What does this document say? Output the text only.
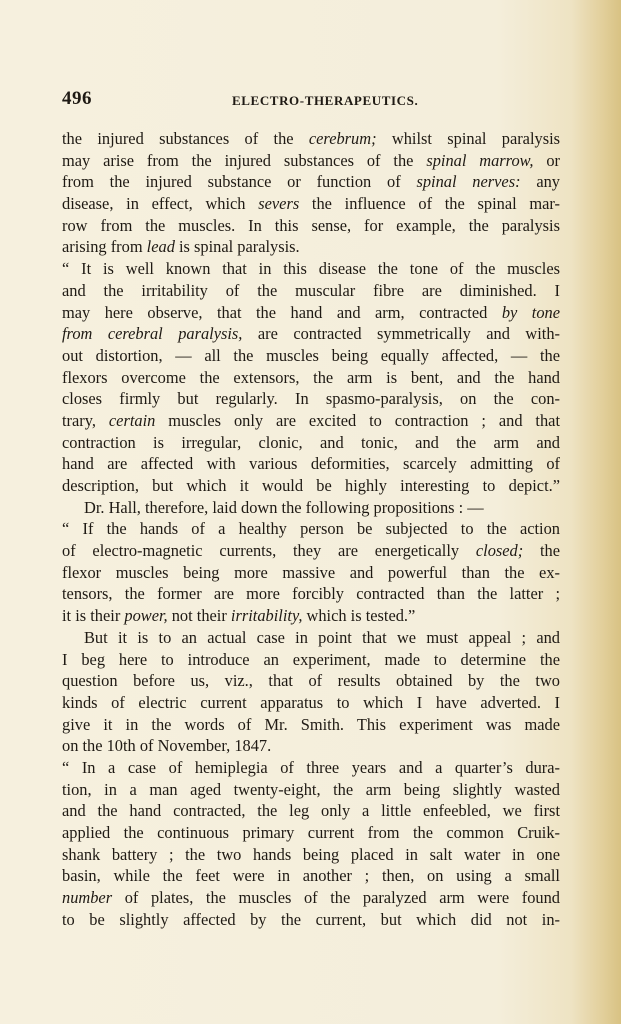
496	ELECTRO-THERAPEUTICS.
the injured substances of the cerebrum; whilst spinal paralysis
may arise from the injured substances of the spinal marrow, or
from the injured substance or function of spinal nerves: any
disease, in effect, which severs the influence of the spinal mar-
row from the muscles. In this sense, for example, the paralysis
arising from lead is spinal paralysis.
“ It is well known that in this disease the tone of the muscles
and the irritability of the muscular fibre are diminished. I
may here observe, that the hand and arm, contracted by tone
from cerebral paralysis, are contracted symmetrically and with-
out distortion, — all the muscles being equally affected, — the
flexors overcome the extensors, the arm is bent, and the hand
closes firmly but regularly. In spasmo-paralysis, on the con-
trary, certain muscles only are excited to contraction ; and that
contraction is irregular, clonic, and tonic, and the arm and
hand are affected with various deformities, scarcely admitting of
description, but which it would be highly interesting to depict.”
Dr. Hall, therefore, laid down the following propositions : —
“ If the hands of a healthy person be subjected to the action
of electro-magnetic currents, they are energetically closed; the
flexor muscles being more massive and powerful than the ex-
tensors, the former are more forcibly contracted than the latter ;
it is their power, not their irritability, which is tested.”
But it is to an actual case in point that we must appeal ; and
I beg here to introduce an experiment, made to determine the
question before us, viz., that of results obtained by the two
kinds of electric current apparatus to which I have adverted. I
give it in the words of Mr. Smith. This experiment was made
on the 10th of November, 1847.
“ In a case of hemiplegia of three years and a quarter’s dura-
tion, in a man aged twenty-eight, the arm being slightly wasted
and the hand contracted, the leg only a little enfeebled, we first
applied the continuous primary current from the common Cruik-
shank battery ; the two hands being placed in salt water in one
basin, while the feet were in another ; then, on using a small
number of plates, the muscles of the paralyzed arm were found
to be slightly affected by the current, but which did not in-
